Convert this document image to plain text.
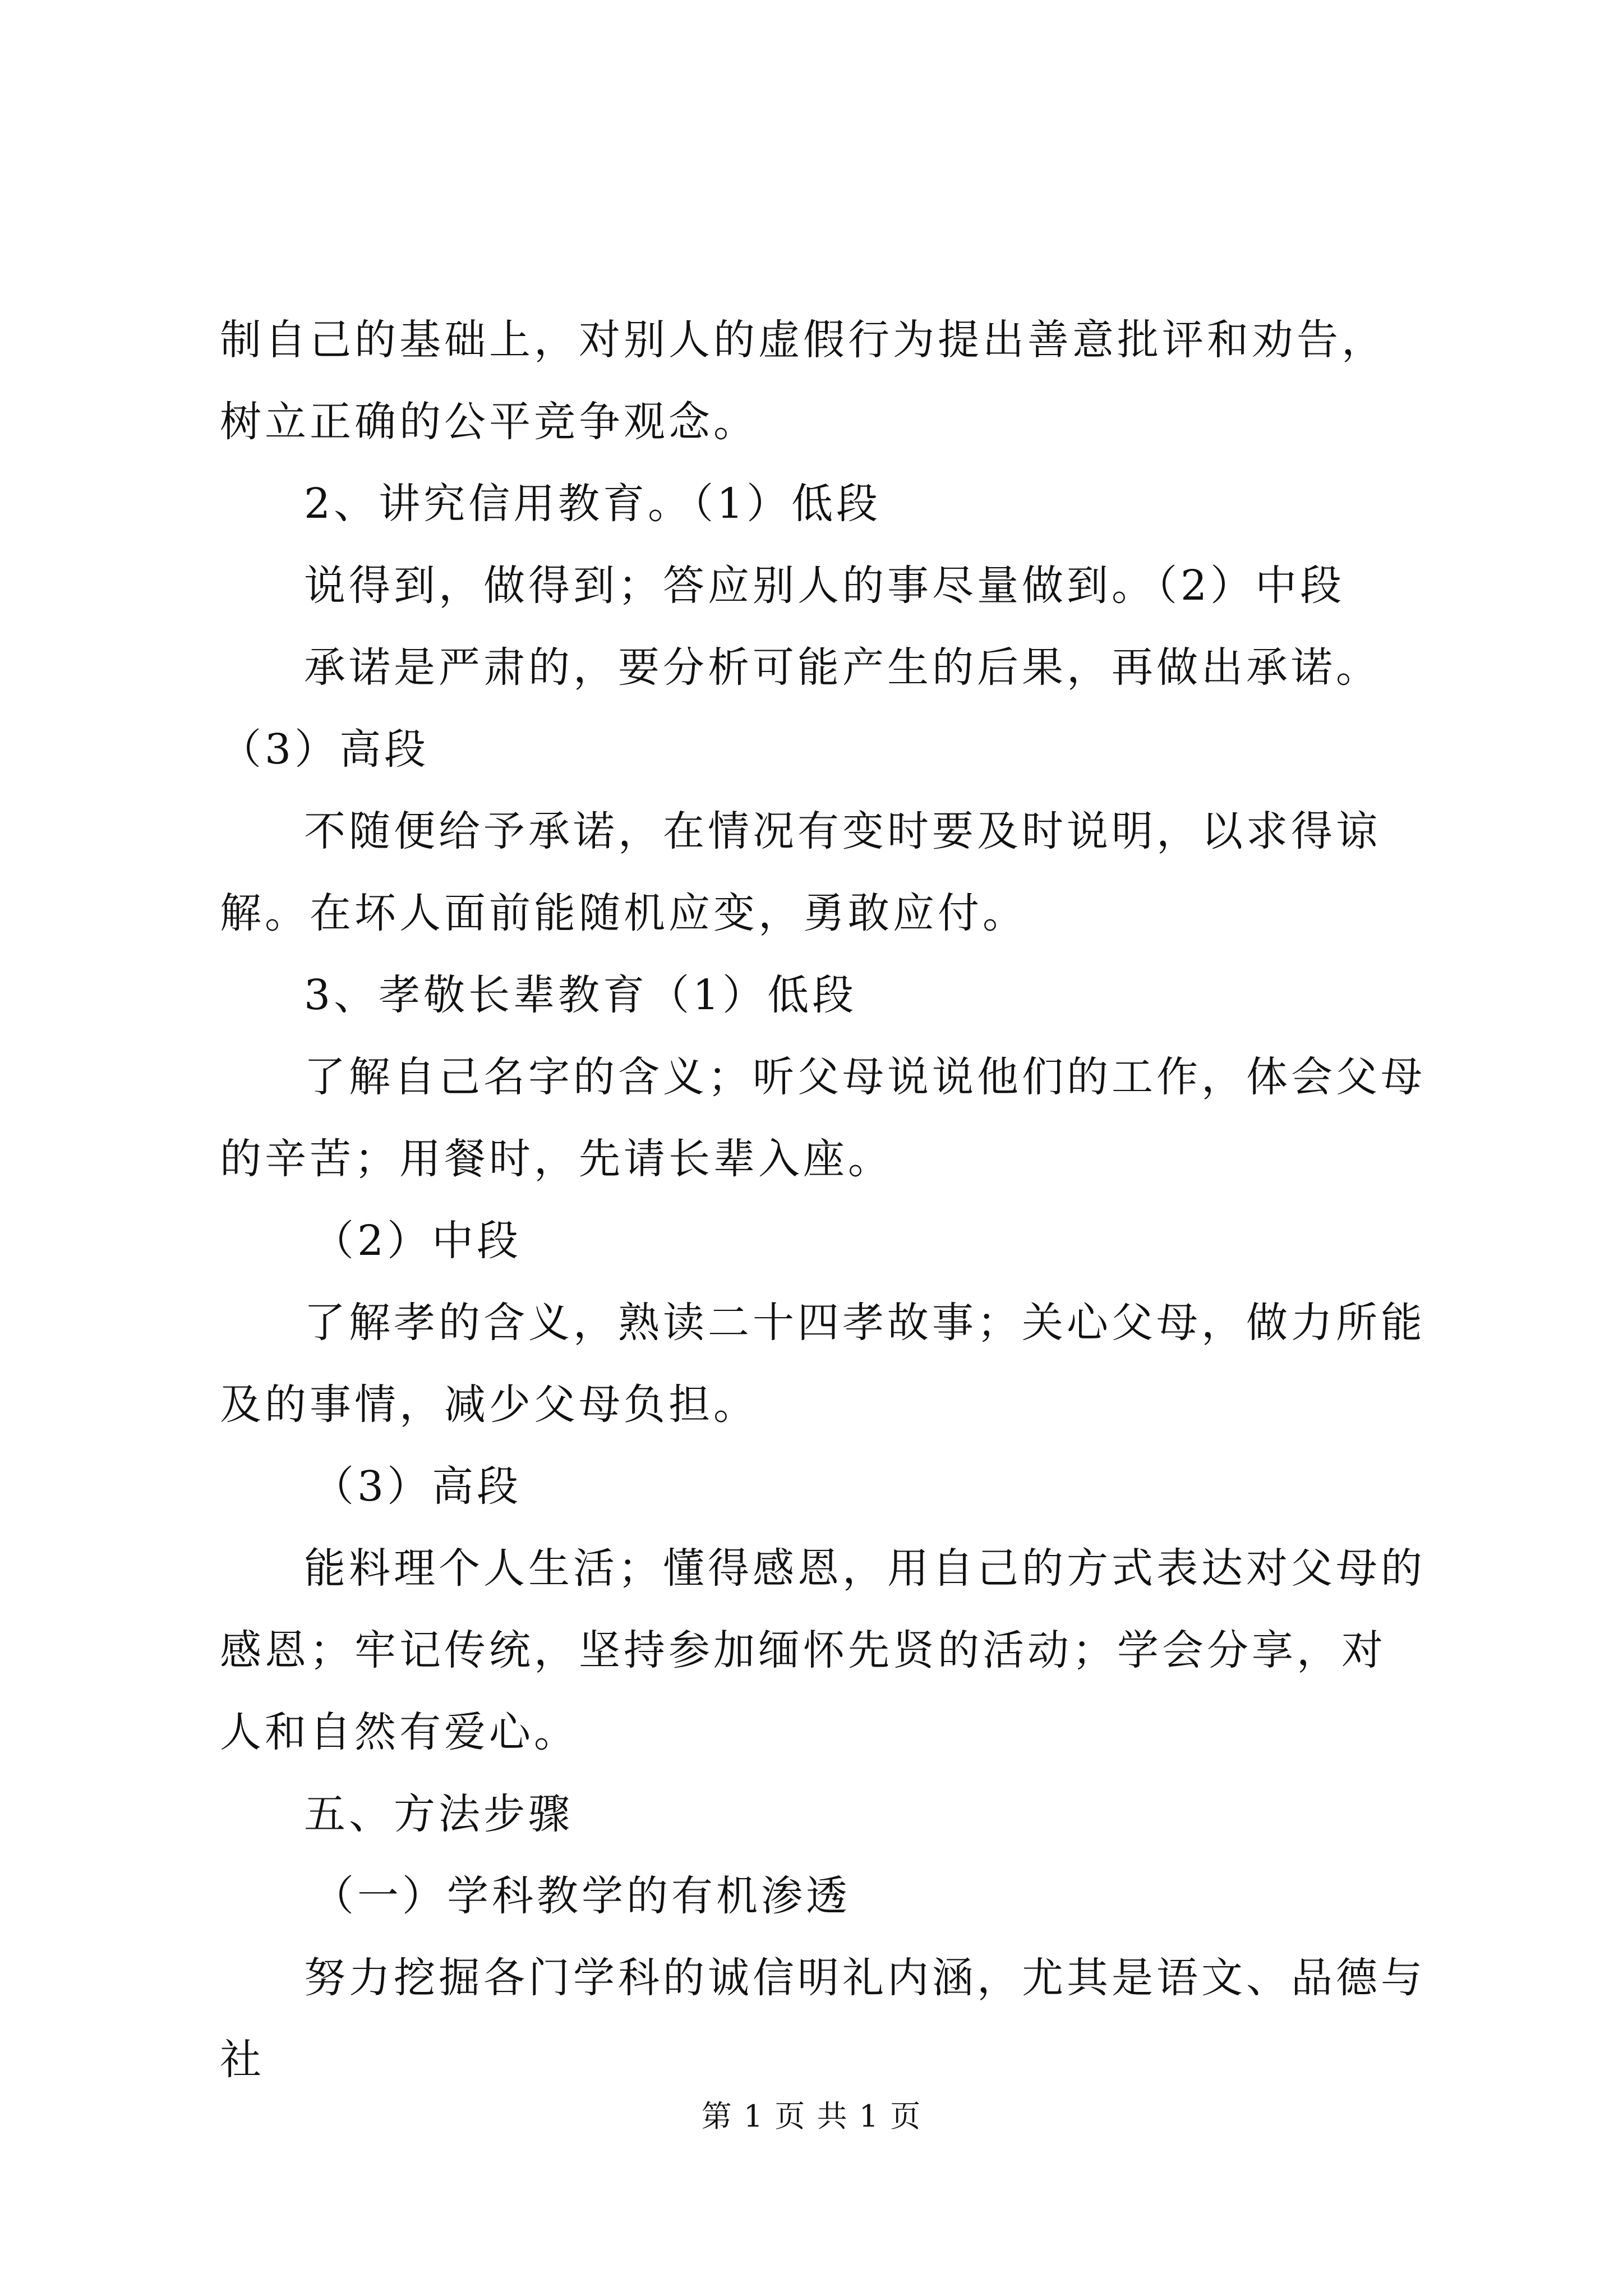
制自己的基础上，对别人的虚假行为提出善意批评和劝告，树立正确的公平竞争观念。

2、讲究信用教育。（1）低段

说得到，做得到；答应别人的事尽量做到。（2）中段

承诺是严肃的，要分析可能产生的后果，再做出承诺。（3）高段

不随便给予承诺，在情况有变时要及时说明，以求得谅解。在坏人面前能随机应变，勇敢应付。

3、孝敬长辈教育（1）低段

了解自己名字的含义；听父母说说他们的工作，体会父母的辛苦；用餐时，先请长辈入座。

（2）中段

了解孝的含义，熟读二十四孝故事；关心父母，做力所能及的事情，减少父母负担。

（3）高段

能料理个人生活；懂得感恩，用自己的方式表达对父母的感恩；牢记传统，坚持参加缅怀先贤的活动；学会分享，对人和自然有爱心。

五、方法步骤

（一）学科教学的有机渗透

努力挖掘各门学科的诚信明礼内涵，尤其是语文、品德与社

第 1 页 共 1 页
